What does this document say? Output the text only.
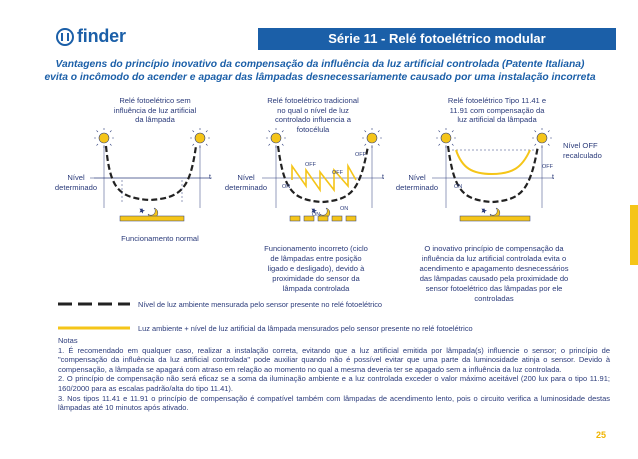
finder	Série 11 - Relé fotoelétrico modular
Vantagens do princípio inovativo da compensação da influência da luz artificial controlada (Patente Italiana)
evita o incômodo do acender e apagar das lâmpadas desnecessariamente causado por uma instalação incorreta
Relé fotoelétrico sem influência de luz artificial da lâmpada
Nível
determinado
t
Funcionamento normal
Relé fotoelétrico tradicional no qual o nível de luz controlado influencia a fotocélula
Nível
determinado
t
OFF
OFF
OFF
ON
ON
ON
Funcionamento incorreto (ciclo de lâmpadas entre posição ligado e desligado), devido à proximidade do sensor da lâmpada controlada
Relé fotoelétrico Tipo 11.41 e 11.91 com compensação da luz artificial da lâmpada
Nível
determinado
t
ON
OFF
Nível OFF
recalculado
O inovativo princípio de compensação da influência da luz artificial controlada evita o acendimento e apagamento desnecessários das lâmpadas causado pela proximidade do sensor fotoelétrico das lâmpadas por ele controladas
Nível de luz ambiente mensurada pelo sensor presente no relé fotoelétrico
Luz ambiente + nível de luz artificial da lâmpada mensurados pelo sensor presente no relé fotoelétrico

Notas

1. É recomendado em qualquer caso, realizar a instalação correta, evitando que a luz artificial emitida por lâmpada(s) influencie o sensor; o princípio de "compensação da influência da luz artificial controlada" pode auxiliar quando não é possível evitar que uma parte da luminosidade atinja o sensor. Devido à compensação, a lâmpada se apagará com atraso em relação ao momento no qual a mesma deveria ter se apagado sem a influência da luz controlada.

2. O princípio de compensação não será eficaz se a soma da iluminação ambiente e a luz controlada exceder o valor máximo aceitável (200 lux para o tipo 11.91; 160/2000 para as escalas padrão/alta do tipo 11.41).

3. Nos tipos 11.41 e 11.91 o princípio de compensação é compatível também com lâmpadas de acendimento lento, pois o circuito verifica a luminosidade destas lâmpadas até 10 minutos após ativado.

25
